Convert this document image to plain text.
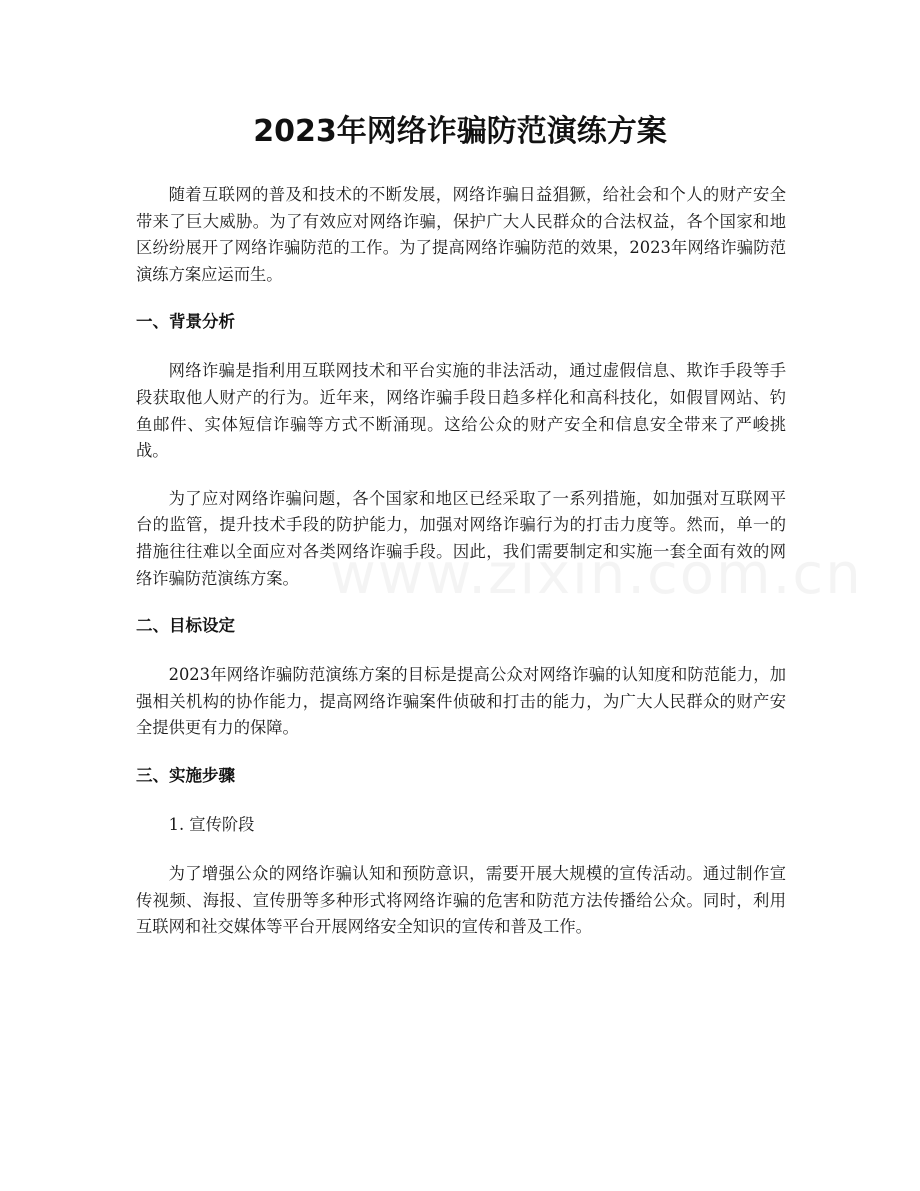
2023年网络诈骗防范演练方案

随着互联网的普及和技术的不断发展，网络诈骗日益猖獗，给社会和个人的财产安全带来了巨大威胁。为了有效应对网络诈骗，保护广大人民群众的合法权益，各个国家和地区纷纷展开了网络诈骗防范的工作。为了提高网络诈骗防范的效果，2023年网络诈骗防范演练方案应运而生。

一、背景分析

网络诈骗是指利用互联网技术和平台实施的非法活动，通过虚假信息、欺诈手段等手段获取他人财产的行为。近年来，网络诈骗手段日趋多样化和高科技化，如假冒网站、钓鱼邮件、实体短信诈骗等方式不断涌现。这给公众的财产安全和信息安全带来了严峻挑战。

为了应对网络诈骗问题，各个国家和地区已经采取了一系列措施，如加强对互联网平台的监管，提升技术手段的防护能力，加强对网络诈骗行为的打击力度等。然而，单一的措施往往难以全面应对各类网络诈骗手段。因此，我们需要制定和实施一套全面有效的网络诈骗防范演练方案。

二、目标设定

2023年网络诈骗防范演练方案的目标是提高公众对网络诈骗的认知度和防范能力，加强相关机构的协作能力，提高网络诈骗案件侦破和打击的能力，为广大人民群众的财产安全提供更有力的保障。

三、实施步骤
1. 宣传阶段

为了增强公众的网络诈骗认知和预防意识，需要开展大规模的宣传活动。通过制作宣传视频、海报、宣传册等多种形式将网络诈骗的危害和防范方法传播给公众。同时，利用互联网和社交媒体等平台开展网络安全知识的宣传和普及工作。
